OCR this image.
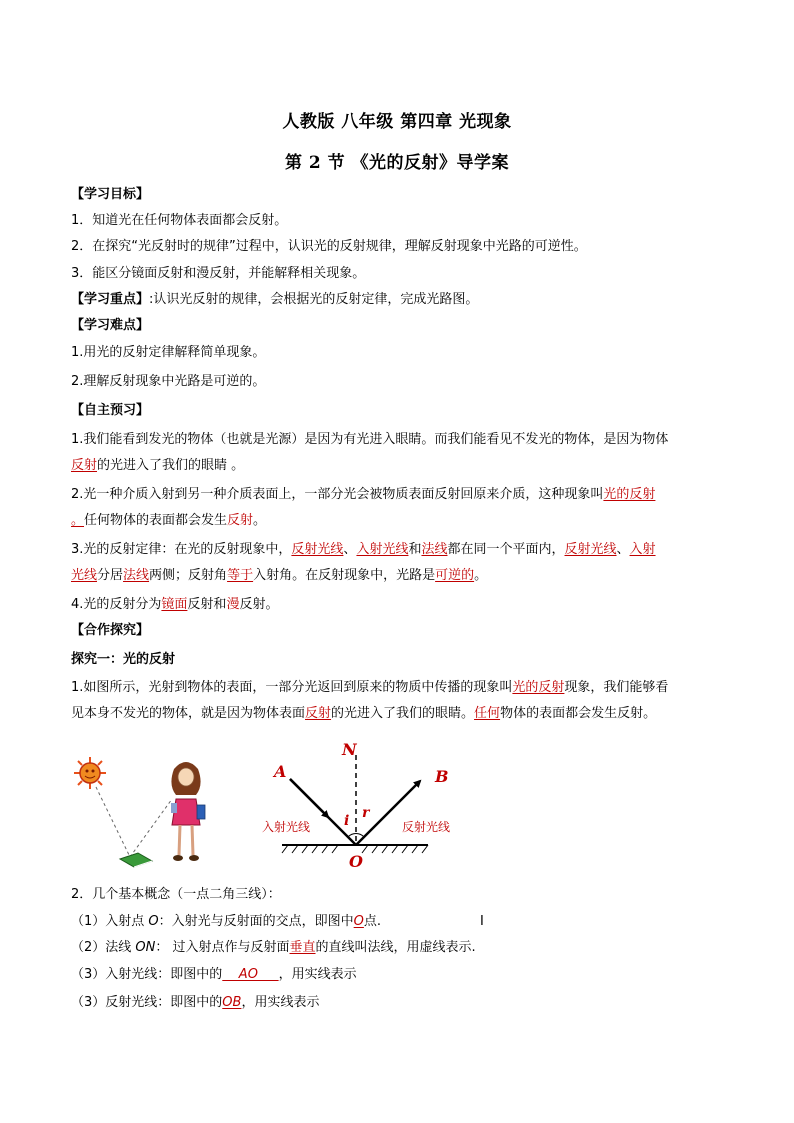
人教版 八年级 第四章 光现象
第 2 节 《光的反射》导学案
【学习目标】
1．知道光在任何物体表面都会反射。
2．在探究“光反射时的规律”过程中，认识光的反射规律，理解反射现象中光路的可逆性。
3．能区分镜面反射和漫反射，并能解释相关现象。
【学习重点】:认识光反射的规律，会根据光的反射定律，完成光路图。
【学习难点】
1.用光的反射定律解释简单现象。
2.理解反射现象中光路是可逆的。
【自主预习】
1.我们能看到发光的物体（也就是光源）是因为有光进入眼睛。而我们能看见不发光的物体，是因为物体
反射的光进入了我们的眼睛 。
2.光一种介质入射到另一种介质表面上，一部分光会被物质表面反射回原来介质，这种现象叫光的反射
。任何物体的表面都会发生反射。
3.光的反射定律：在光的反射现象中，反射光线、入射光线和法线都在同一个平面内，反射光线、入射
光线分居法线两侧；反射角等于入射角。在反射现象中，光路是可逆的。
4.光的反射分为镜面反射和漫反射。
【合作探究】
探究一：光的反射
1.如图所示，光射到物体的表面，一部分光返回到原来的物质中传播的现象叫光的反射现象，我们能够看
见本身不发光的物体，就是因为物体表面反射的光进入了我们的眼睛。任何物体的表面都会发生反射。
A	B
N
O
i r
入射光线	反射光线
2．几个基本概念（一点二角三线）：
（1）入射点 O：入射光与反射面的交点，即图中O点.	I
（2）法线 ON： 过入射点作与反射面垂直的直线叫法线，用虚线表示.
（3）入射光线：即图中的    AO     ，用实线表示
（3）反射光线：即图中的OB，用实线表示
